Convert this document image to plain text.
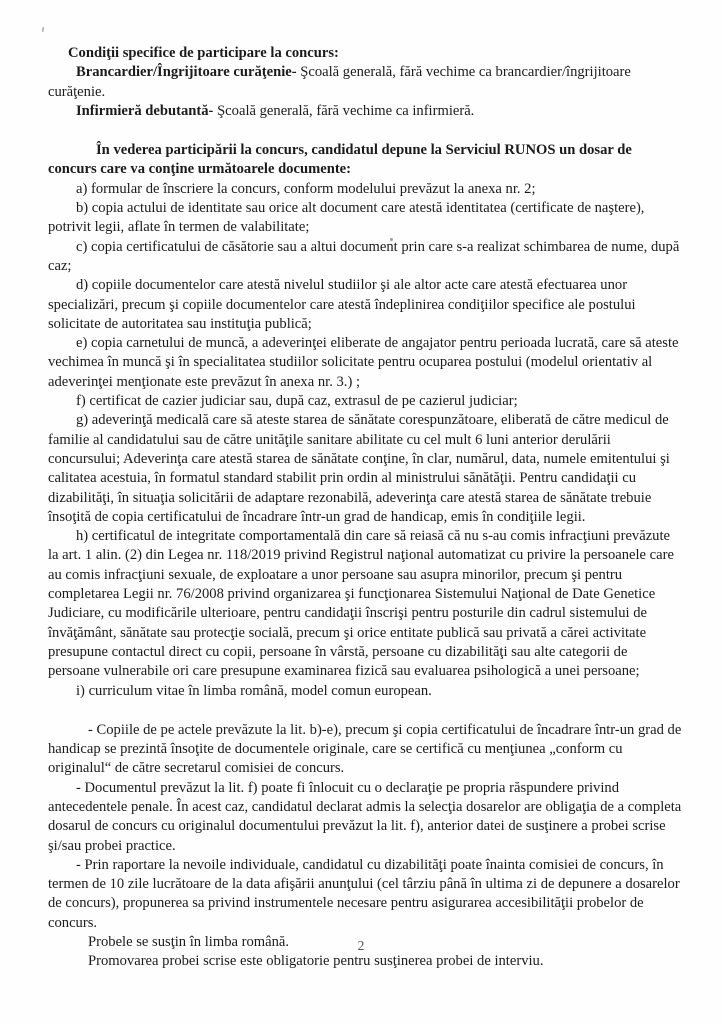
Condiţii specifice de participare la concurs:

Brancardier/Îngrijitoare curăţenie- Şcoală generală, fără vechime ca brancardier/îngrijitoare curăţenie.

Infirmieră debutantă- Şcoală generală, fără vechime ca infirmieră.

În vederea participării la concurs, candidatul depune la Serviciul RUNOS un dosar de concurs care va conţine următoarele documente:

a) formular de înscriere la concurs, conform modelului prevăzut la anexa nr. 2;

b) copia actului de identitate sau orice alt document care atestă identitatea (certificate de naştere), potrivit legii, aflate în termen de valabilitate;

c) copia certificatului de căsătorie sau a altui document prin care s-a realizat schimbarea de nume, după caz;

d) copiile documentelor care atestă nivelul studiilor şi ale altor acte care atestă efectuarea unor specializări, precum şi copiile documentelor care atestă îndeplinirea condiţiilor specifice ale postului solicitate de autoritatea sau instituţia publică;

e) copia carnetului de muncă, a adeverinţei eliberate de angajator pentru perioada lucrată, care să ateste vechimea în muncă şi în specialitatea studiilor solicitate pentru ocuparea postului (modelul orientativ al adeverinţei menţionate este prevăzut în anexa nr. 3.) ;

f) certificat de cazier judiciar sau, după caz, extrasul de pe cazierul judiciar;

g) adeverinţă medicală care să ateste starea de sănătate corespunzătoare, eliberată de către medicul de familie al candidatului sau de către unităţile sanitare abilitate cu cel mult 6 luni anterior derulării concursului; Adeverinţa care atestă starea de sănătate conţine, în clar, numărul, data, numele emitentului şi calitatea acestuia, în formatul standard stabilit prin ordin al ministrului sănătăţii. Pentru candidaţii cu dizabilităţi, în situaţia solicitării de adaptare rezonabilă, adeverinţa care atestă starea de sănătate trebuie însoţită de copia certificatului de încadrare într-un grad de handicap, emis în condiţiile legii.

h) certificatul de integritate comportamentală din care să reiasă că nu s-au comis infracţiuni prevăzute la art. 1 alin. (2) din Legea nr. 118/2019 privind Registrul naţional automatizat cu privire la persoanele care au comis infracţiuni sexuale, de exploatare a unor persoane sau asupra minorilor, precum şi pentru completarea Legii nr. 76/2008 privind organizarea şi funcţionarea Sistemului Naţional de Date Genetice Judiciare, cu modificările ulterioare, pentru candidaţii înscrişi pentru posturile din cadrul sistemului de învăţământ, sănătate sau protecţie socială, precum şi orice entitate publică sau privată a cărei activitate presupune contactul direct cu copii, persoane în vârstă, persoane cu dizabilităţi sau alte categorii de persoane vulnerabile ori care presupune examinarea fizică sau evaluarea psihologică a unei persoane;

i) curriculum vitae în limba română, model comun european.

- Copiile de pe actele prevăzute la lit. b)-e), precum şi copia certificatului de încadrare într-un grad de handicap se prezintă însoţite de documentele originale, care se certifică cu menţiunea „conform cu originalul“ de către secretarul comisiei de concurs.

- Documentul prevăzut la lit. f) poate fi înlocuit cu o declaraţie pe propria răspundere privind antecedentele penale. În acest caz, candidatul declarat admis la selecţia dosarelor are obligaţia de a completa dosarul de concurs cu originalul documentului prevăzut la lit. f), anterior datei de susţinere a probei scrise şi/sau probei practice.

- Prin raportare la nevoile individuale, candidatul cu dizabilităţi poate înainta comisiei de concurs, în termen de 10 zile lucrătoare de la data afişării anunţului (cel târziu până în ultima zi de depunere a dosarelor de concurs), propunerea sa privind instrumentele necesare pentru asigurarea accesibilităţii probelor de concurs.

Probele se susţin în limba română.

Promovarea probei scrise este obligatorie pentru susţinerea probei de interviu.

2
